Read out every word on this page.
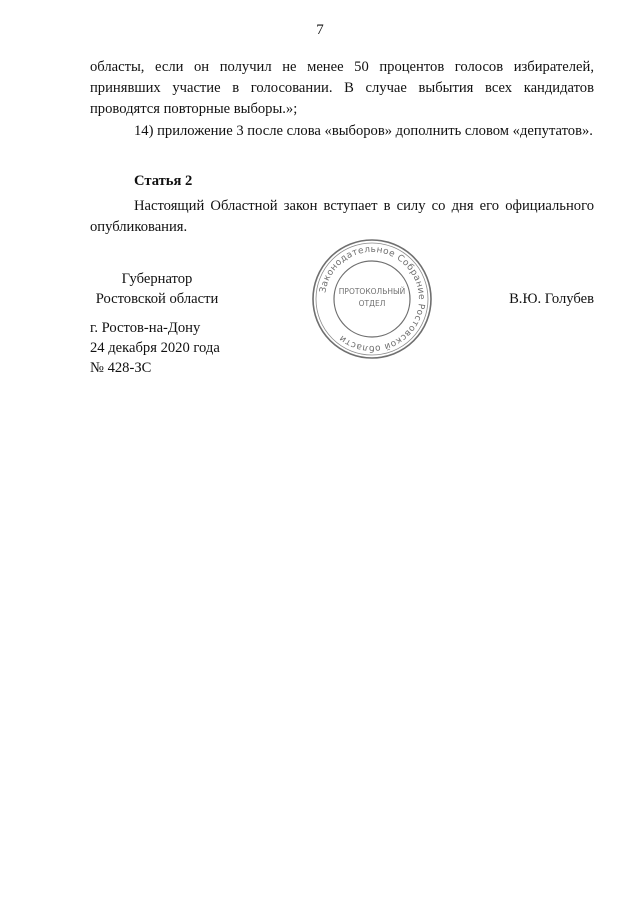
7

областы, если он получил не менее 50 процентов голосов избирателей, принявших участие в голосовании. В случае выбытия всех кандидатов проводятся повторные выборы.»;

14) приложение 3 после слова «выборов» дополнить словом «депутатов».

Статья 2

Настоящий Областной закон вступает в силу со дня его официального опубликования.

Губернатор
Ростовской области	В.Ю. Голубев
г. Ростов-на-Дону
24 декабря 2020 года
№ 428-ЗС
Законодательное Собрание Ростовской области
ПРОТОКОЛЬНЫЙ
ОТДЕЛ
